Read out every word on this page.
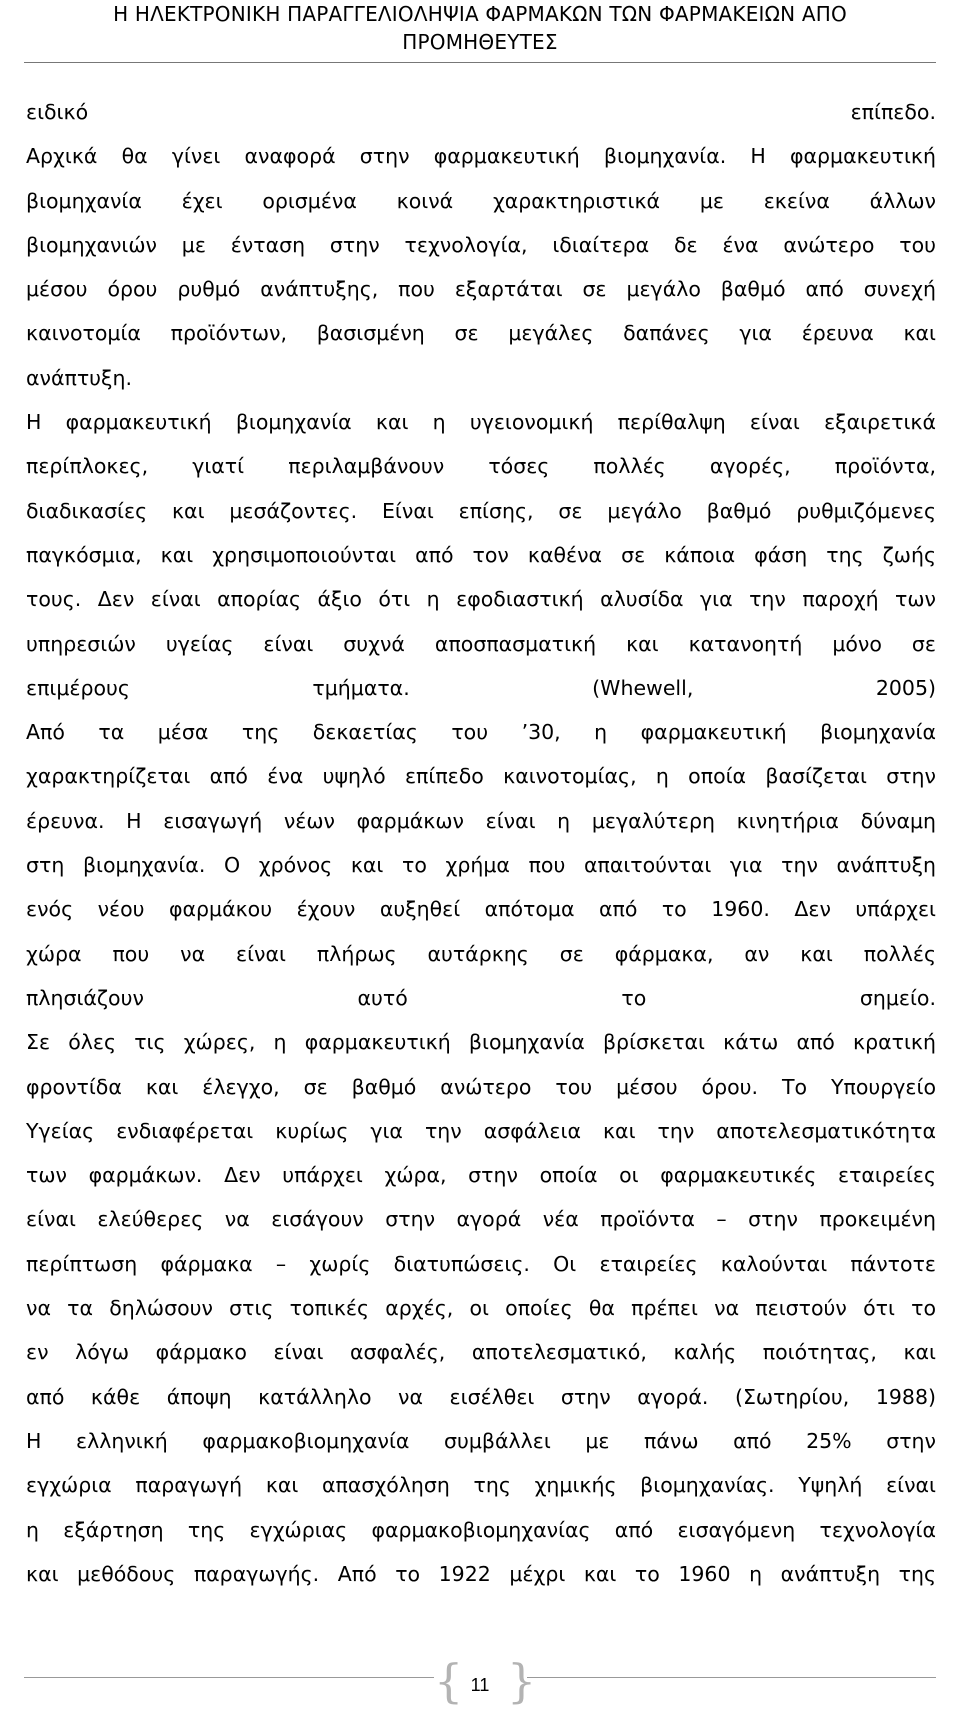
Η ΗΛΕΚΤΡΟΝΙΚΗ ΠΑΡΑΓΓΕΛΙΟΛΗΨΙΑ ΦΑΡΜΑΚΩΝ ΤΩΝ ΦΑΡΜΑΚΕΙΩΝ ΑΠΟ
ΠΡΟΜΗΘΕΥΤΕΣ
ειδικό επίπεδο.
Αρχικά θα γίνει αναφορά στην φαρμακευτική βιομηχανία. Η φαρμακευτική
βιομηχανία έχει ορισμένα κοινά χαρακτηριστικά με εκείνα άλλων
βιομηχανιών με ένταση στην τεχνολογία, ιδιαίτερα δε ένα ανώτερο του
μέσου όρου ρυθμό ανάπτυξης, που εξαρτάται σε μεγάλο βαθμό από συνεχή
καινοτομία προϊόντων, βασισμένη σε μεγάλες δαπάνες για έρευνα και
ανάπτυξη.
Η φαρμακευτική βιομηχανία και η υγειονομική περίθαλψη είναι εξαιρετικά
περίπλοκες, γιατί περιλαμβάνουν τόσες πολλές αγορές, προϊόντα,
διαδικασίες και μεσάζοντες. Είναι επίσης, σε μεγάλο βαθμό ρυθμιζόμενες
παγκόσμια, και χρησιμοποιούνται από τον καθένα σε κάποια φάση της ζωής
τους. Δεν είναι απορίας άξιο ότι η εφοδιαστική αλυσίδα για την παροχή των
υπηρεσιών υγείας είναι συχνά αποσπασματική και κατανοητή μόνο σε
επιμέρους τμήματα. (Whewell, 2005)
Από τα μέσα της δεκαετίας του ’30, η φαρμακευτική βιομηχανία
χαρακτηρίζεται από ένα υψηλό επίπεδο καινοτομίας, η οποία βασίζεται στην
έρευνα. Η εισαγωγή νέων φαρμάκων είναι η μεγαλύτερη κινητήρια δύναμη
στη βιομηχανία. Ο χρόνος και το χρήμα που απαιτούνται για την ανάπτυξη
ενός νέου φαρμάκου έχουν αυξηθεί απότομα από το 1960. Δεν υπάρχει
χώρα που να είναι πλήρως αυτάρκης σε φάρμακα, αν και πολλές
πλησιάζουν αυτό το σημείο.
Σε όλες τις χώρες, η φαρμακευτική βιομηχανία βρίσκεται κάτω από κρατική
φροντίδα και έλεγχο, σε βαθμό ανώτερο του μέσου όρου. Το Υπουργείο
Υγείας ενδιαφέρεται κυρίως για την ασφάλεια και την αποτελεσματικότητα
των φαρμάκων. Δεν υπάρχει χώρα, στην οποία οι φαρμακευτικές εταιρείες
είναι ελεύθερες να εισάγουν στην αγορά νέα προϊόντα – στην προκειμένη
περίπτωση φάρμακα – χωρίς διατυπώσεις. Οι εταιρείες καλούνται πάντοτε
να τα δηλώσουν στις τοπικές αρχές, οι οποίες θα πρέπει να πειστούν ότι το
εν λόγω φάρμακο είναι ασφαλές, αποτελεσματικό, καλής ποιότητας, και
από κάθε άποψη κατάλληλο να εισέλθει στην αγορά. (Σωτηρίου, 1988)
Η ελληνική φαρμακοβιομηχανία συμβάλλει με πάνω από 25% στην
εγχώρια παραγωγή και απασχόληση της χημικής βιομηχανίας. Υψηλή είναι
η εξάρτηση της εγχώριας φαρμακοβιομηχανίας από εισαγόμενη τεχνολογία
και μεθόδους παραγωγής. Από το 1922 μέχρι και το 1960 η ανάπτυξη της
{ 11 }
